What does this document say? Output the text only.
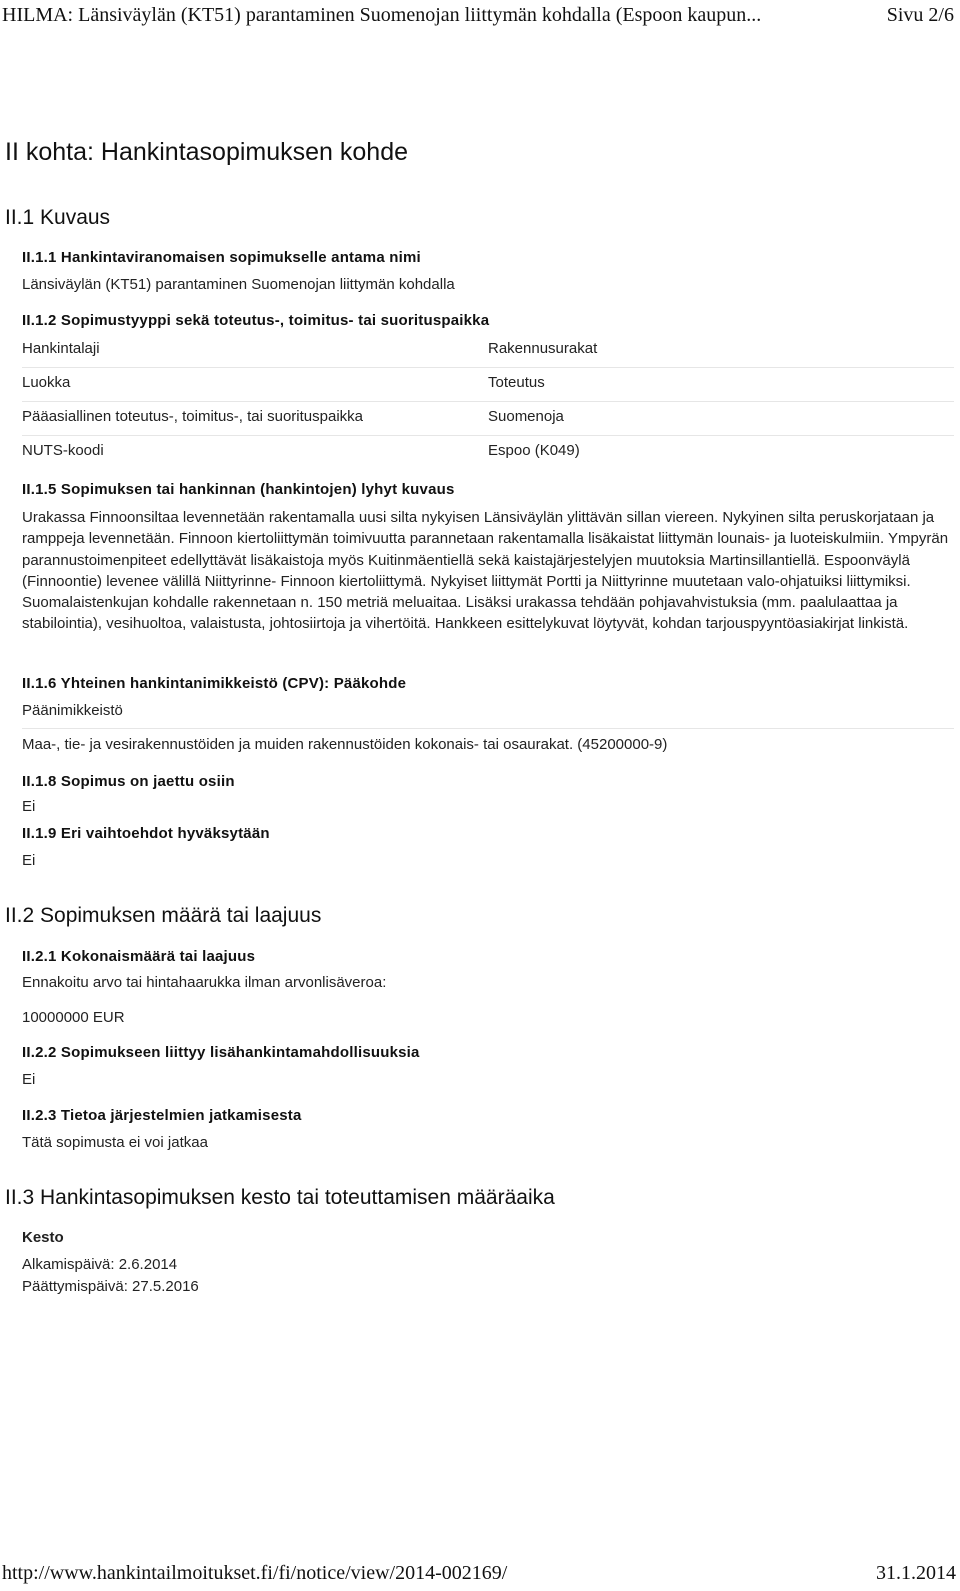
HILMA: Länsiväylän (KT51) parantaminen Suomenojan liittymän kohdalla (Espoon kaupun...	Sivu 2/6
II kohta: Hankintasopimuksen kohde
II.1 Kuvaus
II.1.1 Hankintaviranomaisen sopimukselle antama nimi
Länsiväylän (KT51) parantaminen Suomenojan liittymän kohdalla
II.1.2 Sopimustyyppi sekä toteutus-, toimitus- tai suorituspaikka
Hankintalaji	Rakennusurakat
Luokka	Toteutus
Pääasiallinen toteutus-, toimitus-, tai suorituspaikka	Suomenoja
NUTS-koodi	Espoo (K049)
II.1.5 Sopimuksen tai hankinnan (hankintojen) lyhyt kuvaus
Urakassa Finnoonsiltaa levennetään rakentamalla uusi silta nykyisen Länsiväylän ylittävän sillan viereen. Nykyinen silta peruskorjataan ja ramppeja levennetään. Finnoon kiertoliittymän toimivuutta parannetaan rakentamalla lisäkaistat liittymän lounais- ja luoteiskulmiin. Ympyrän parannustoimenpiteet edellyttävät lisäkaistoja myös Kuitinmäentiellä sekä kaistajärjestelyjen muutoksia Martinsillantiellä. Espoonväylä (Finnoontie) levenee välillä Niittyrinne- Finnoon kiertoliittymä. Nykyiset liittymät Portti ja Niittyrinne muutetaan valo-ohjatuiksi liittymiksi. Suomalaistenkujan kohdalle rakennetaan n. 150 metriä meluaitaa. Lisäksi urakassa tehdään pohjavahvistuksia (mm. paalulaattaa ja stabilointia), vesihuoltoa, valaistusta, johtosiirtoja ja vihertöitä. Hankkeen esittelykuvat löytyvät, kohdan tarjouspyyntöasiakirjat linkistä.
II.1.6 Yhteinen hankintanimikkeistö (CPV): Pääkohde
Päänimikkeistö
Maa-, tie- ja vesirakennustöiden ja muiden rakennustöiden kokonais- tai osaurakat. (45200000-9)
II.1.8 Sopimus on jaettu osiin
Ei
II.1.9 Eri vaihtoehdot hyväksytään
Ei
II.2 Sopimuksen määrä tai laajuus
II.2.1 Kokonaismäärä tai laajuus
Ennakoitu arvo tai hintahaarukka ilman arvonlisäveroa:
10000000 EUR
II.2.2 Sopimukseen liittyy lisähankintamahdollisuuksia
Ei
II.2.3 Tietoa järjestelmien jatkamisesta
Tätä sopimusta ei voi jatkaa
II.3 Hankintasopimuksen kesto tai toteuttamisen määräaika
Kesto
Alkamispäivä: 2.6.2014
Päättymispäivä: 27.5.2016
http://www.hankintailmoitukset.fi/fi/notice/view/2014-002169/	31.1.2014
